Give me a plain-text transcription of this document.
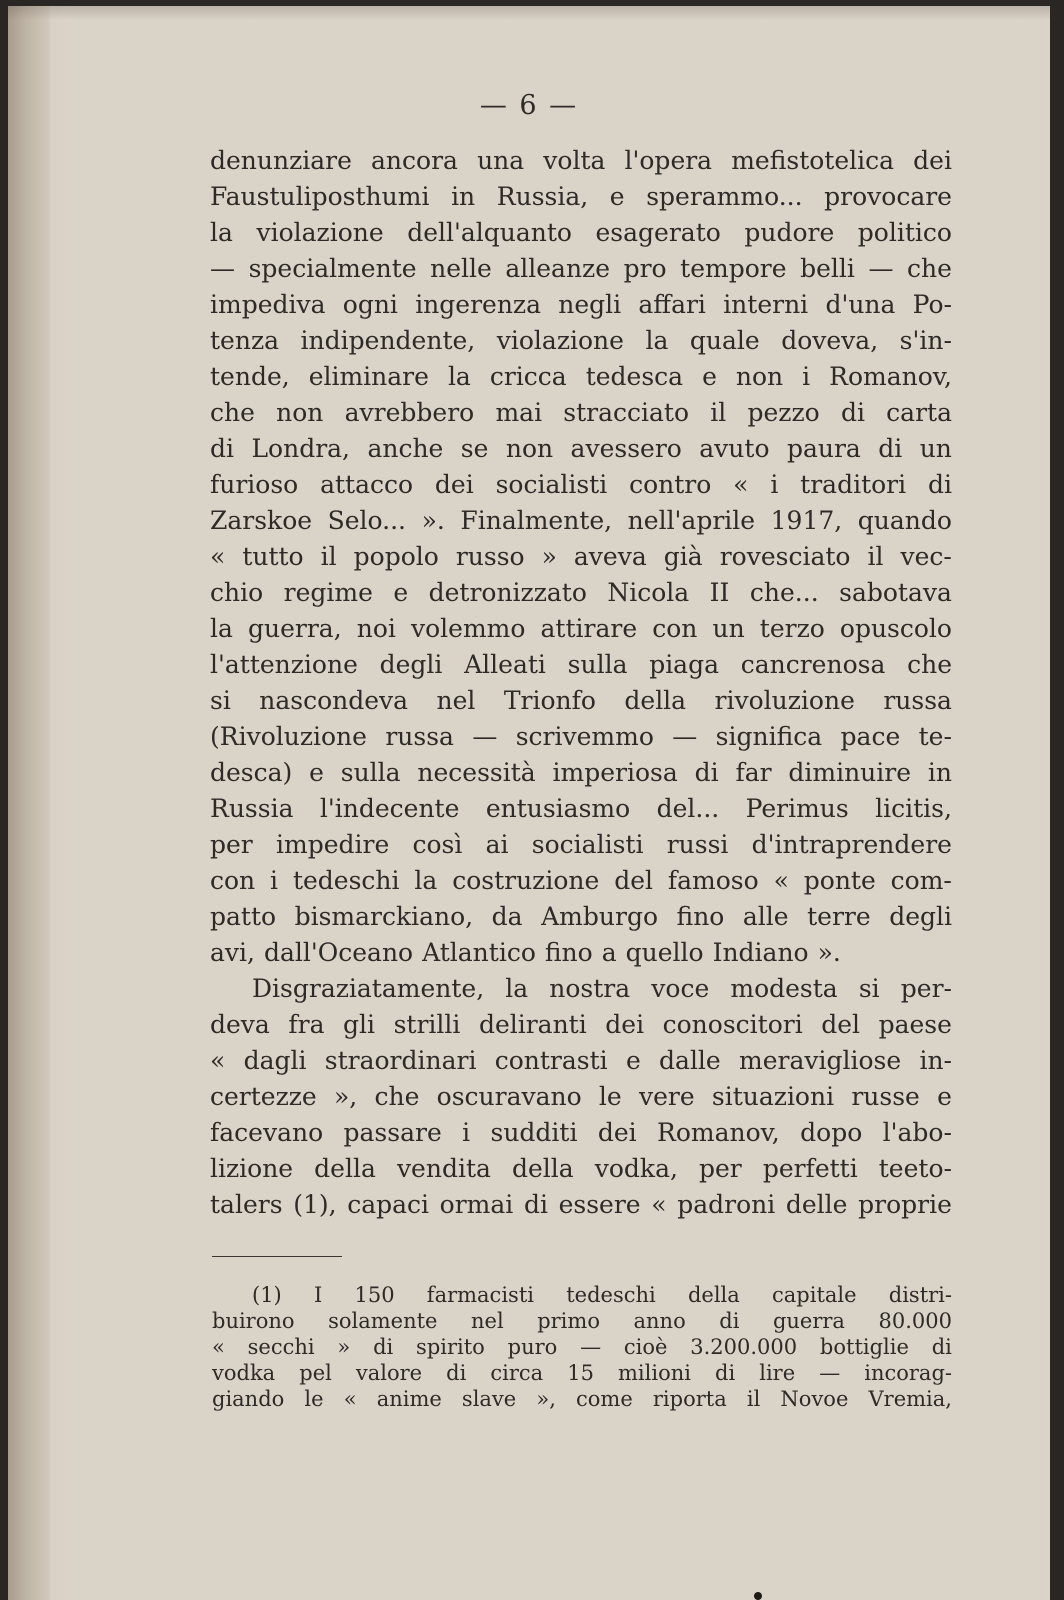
— 6 —
denunziare ancora una volta l'opera mefistotelica dei
Faustuliposthumi in Russia, e sperammo... provocare
la violazione dell'alquanto esagerato pudore politico
— specialmente nelle alleanze pro tempore belli — che
impediva ogni ingerenza negli affari interni d'una Po-
tenza indipendente, violazione la quale doveva, s'in-
tende, eliminare la cricca tedesca e non i Romanov,
che non avrebbero mai stracciato il pezzo di carta
di Londra, anche se non avessero avuto paura di un
furioso attacco dei socialisti contro « i traditori di
Zarskoe Selo... ». Finalmente, nell'aprile 1917, quando
« tutto il popolo russo » aveva già rovesciato il vec-
chio regime e detronizzato Nicola II che... sabotava
la guerra, noi volemmo attirare con un terzo opuscolo
l'attenzione degli Alleati sulla piaga cancrenosa che
si nascondeva nel Trionfo della rivoluzione russa
(Rivoluzione russa — scrivemmo — significa pace te-
desca) e sulla necessità imperiosa di far diminuire in
Russia l'indecente entusiasmo del... Perimus licitis,
per impedire così ai socialisti russi d'intraprendere
con i tedeschi la costruzione del famoso « ponte com-
patto bismarckiano, da Amburgo fino alle terre degli
avi, dall'Oceano Atlantico fino a quello Indiano ».
Disgraziatamente, la nostra voce modesta si per-
deva fra gli strilli deliranti dei conoscitori del paese
« dagli straordinari contrasti e dalle meravigliose in-
certezze », che oscuravano le vere situazioni russe e
facevano passare i sudditi dei Romanov, dopo l'abo-
lizione della vendita della vodka, per perfetti teeto-
talers (1), capaci ormai di essere « padroni delle proprie
(1) I 150 farmacisti tedeschi della capitale distri-
buirono solamente nel primo anno di guerra 80.000
« secchi » di spirito puro — cioè 3.200.000 bottiglie di
vodka pel valore di circa 15 milioni di lire — incorag-
giando le « anime slave », come riporta il Novoe Vremia,
